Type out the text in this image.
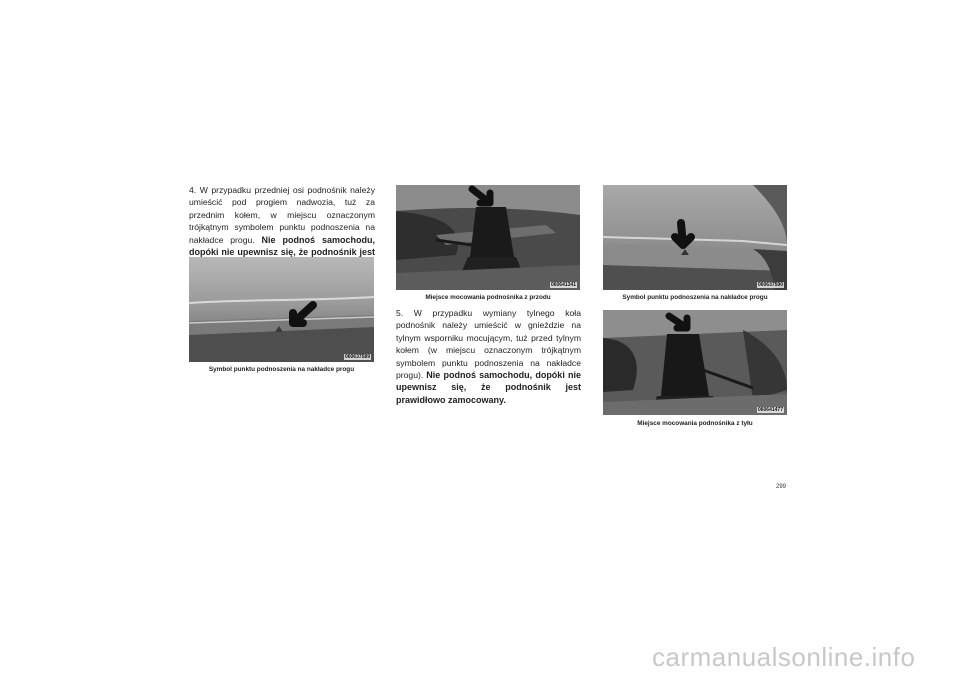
4. W przypadku przedniej osi podnośnik należy umieścić pod progiem nadwozia, tuż za przednim kołem, w miejscu oznaczonym trójkątnym symbolem punktu podnoszenia na nakładce progu. Nie podnoś samochodu, dopóki nie upewnisz się, że podnośnik jest

060637589
Symbol punktu podnoszenia na nakładce progu
060641341
Miejsce mocowania podnośnika z przodu

5. W przypadku wymiany tylnego koła podnośnik należy umieścić w gnieździe na tylnym wsporniku mocującym, tuż przed tylnym kołem (w miejscu oznaczonym trójkątnym symbolem punktu podnoszenia na nakładce progu). Nie podnoś samochodu, dopóki nie upewnisz się, że podnośnik jest prawidłowo zamocowany.

060637590
Symbol punktu podnoszenia na nakładce progu
060641477
Miejsce mocowania podnośnika z tyłu
299
carmanualsonline.info
